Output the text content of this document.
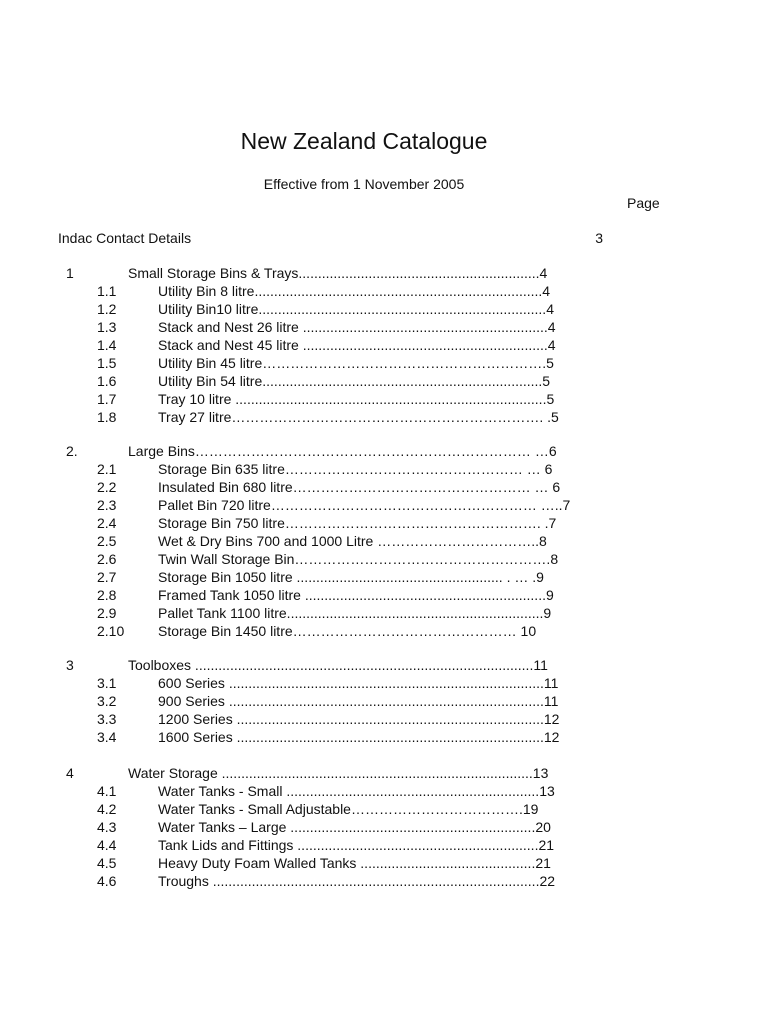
New Zealand Catalogue
Effective from 1 November 2005
Page
Indac Contact Details	3
1	Small Storage Bins & Trays..............................................................4
1.1	Utility Bin 8 litre..........................................................................4
1.2	Utility Bin10 litre..........................................................................4
1.3	Stack and Nest 26 litre ...............................................................4
1.4	Stack and Nest 45 litre ...............................................................4
1.5	Utility Bin 45 litre…………………………………………………….5
1.6	Utility Bin 54 litre........................................................................5
1.7	Tray 10 litre ................................................................................5
1.8	Tray 27 litre…………………………………………………………. .5
2.	Large Bins……………………………………………………………… …6
2.1	Storage Bin 635 litre…………………………………………… … 6
2.2	Insulated Bin 680 litre…………………………………………… … 6
2.3	Pallet Bin 720 litre………………………………………………… …..7
2.4	Storage Bin 750 litre………………………………………………. .7
2.5	Wet & Dry Bins 700 and 1000 Litre ……………………………..8
2.6	Twin Wall Storage Bin……………………………………………….8
2.7	Storage Bin 1050 litre ..................................................... . … .9
2.8	Framed Tank 1050 litre ..............................................................9
2.9	Pallet Tank 1100 litre..................................................................9
2.10 Storage Bin 1450 litre………………………………………… 10
3	Toolboxes .......................................................................................11
3.1	600 Series .................................................................................11
3.2	900 Series .................................................................................11
3.3	1200 Series ...............................................................................12
3.4	1600 Series ...............................................................................12
4	Water Storage ................................................................................13
4.1	Water Tanks - Small .................................................................13
4.2	Water Tanks - Small Adjustable……………………………….19
4.3	Water Tanks – Large ...............................................................20
4.4	Tank Lids and Fittings ..............................................................21
4.5	Heavy Duty Foam Walled Tanks .............................................21
4.6	Troughs ....................................................................................22
